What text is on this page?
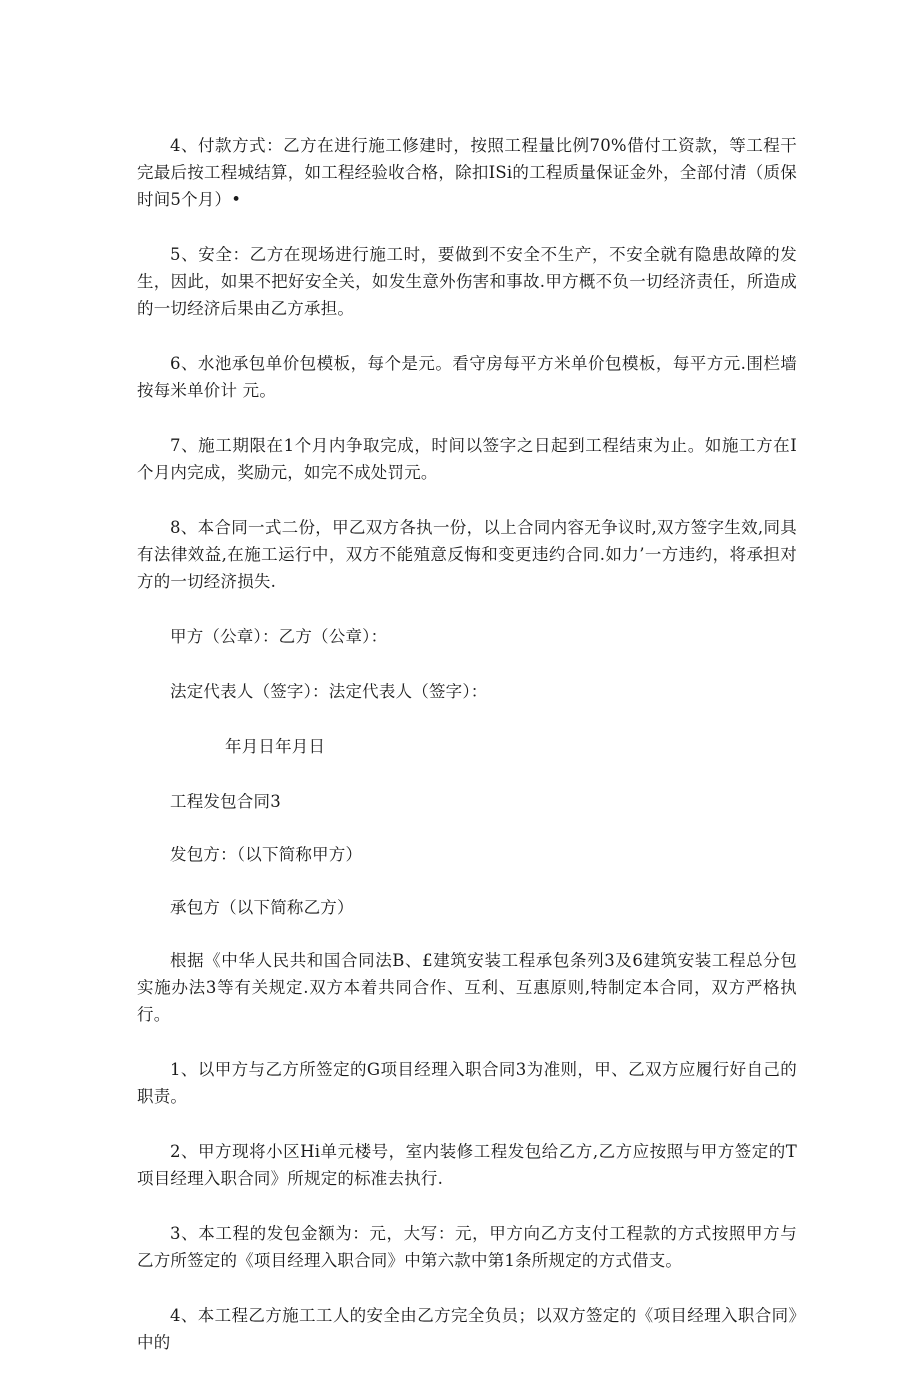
4、付款方式：乙方在进行施工修建时，按照工程量比例70%借付工资款，等工程干完最后按工程城结算，如工程经验收合格，除扣ISi的工程质量保证金外，全部付清（质保时间5个月）•

5、安全：乙方在现场进行施工时，要做到不安全不生产，不安全就有隐患故障的发生，因此，如果不把好安全关，如发生意外伤害和事故.甲方概不负一切经济责任，所造成的一切经济后果由乙方承担。

6、水池承包单价包模板，每个是元。看守房每平方米单价包模板，每平方元.围栏墙按每米单价计 元。

7、施工期限在1个月内争取完成，时间以签字之日起到工程结束为止。如施工方在I个月内完成，奖励元，如完不成处罚元。

8、本合同一式二份，甲乙双方各执一份，以上合同内容无争议时,双方签字生效,同具有法律效益,在施工运行中，双方不能殖意反悔和变更违约合同.如力’一方违约，将承担对方的一切经济损失.

甲方（公章）：乙方（公章）：

法定代表人（签字）：法定代表人（签字）：

年月日年月日

工程发包合同3

发包方：（以下简称甲方）

承包方（以下简称乙方）

根据《中华人民共和国合同法B、£建筑安装工程承包条列3及6建筑安装工程总分包实施办法3等有关规定.双方本着共同合作、互利、互惠原则,特制定本合同，双方严格执行。

1、以甲方与乙方所签定的G项目经理入职合同3为准则，甲、乙双方应履行好自己的职责。

2、甲方现将小区Hi单元楼号，室内装修工程发包给乙方,乙方应按照与甲方签定的T项目经理入职合同》所规定的标准去执行.

3、本工程的发包金额为：元，大写：元，甲方向乙方支付工程款的方式按照甲方与乙方所签定的《项目经理入职合同》中第六款中第1条所规定的方式借支。

4、本工程乙方施工工人的安全由乙方完全负员；以双方签定的《项目经理入职合同》中的
